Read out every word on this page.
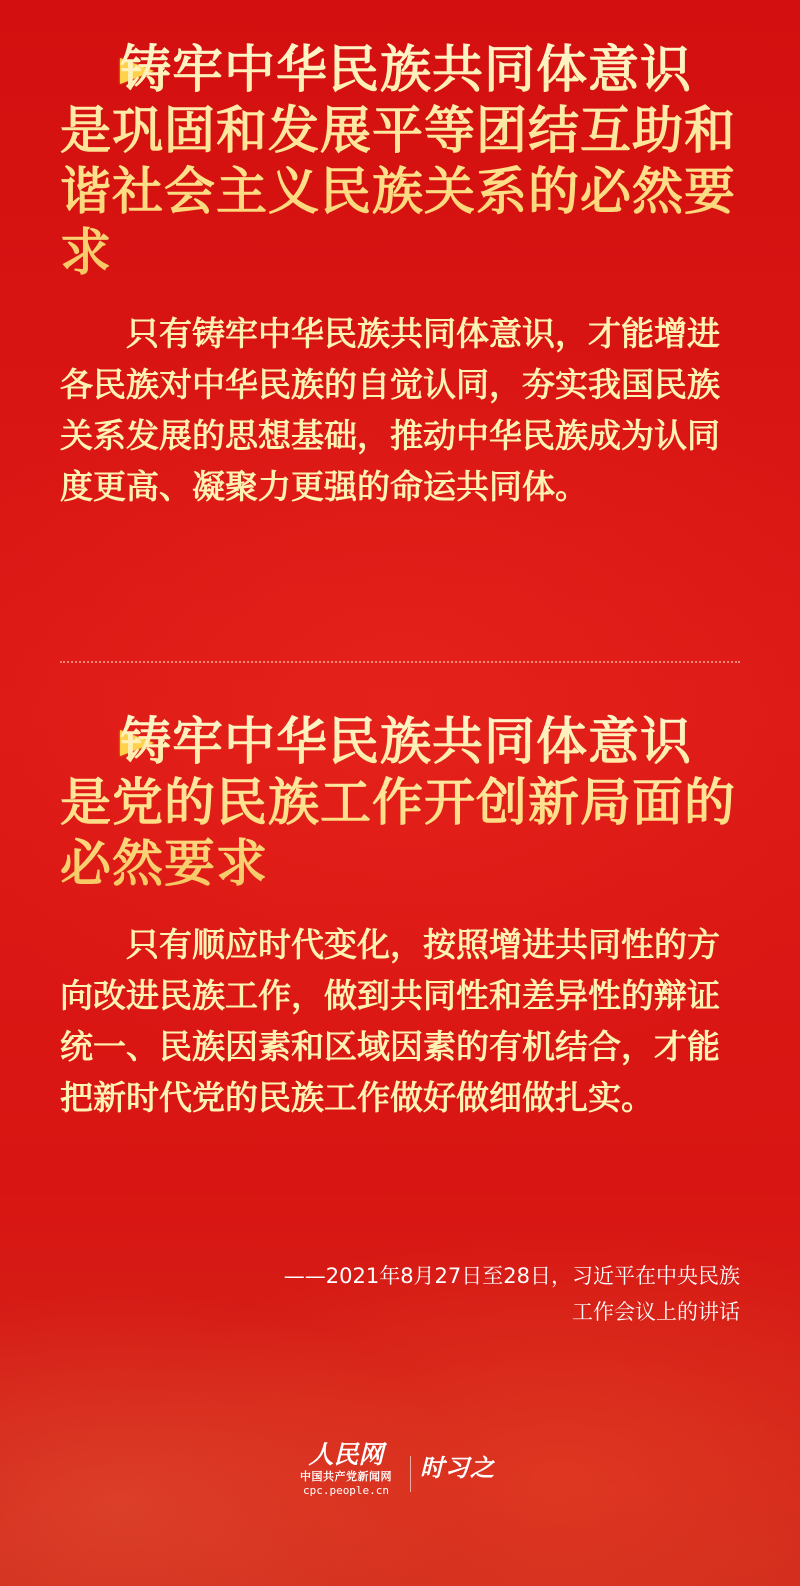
铸牢中华民族共同体意识是巩固和发展平等团结互助和谐社会主义民族关系的必然要求

只有铸牢中华民族共同体意识，才能增进各民族对中华民族的自觉认同，夯实我国民族关系发展的思想基础，推动中华民族成为认同度更高、凝聚力更强的命运共同体。

铸牢中华民族共同体意识是党的民族工作开创新局面的必然要求

只有顺应时代变化，按照增进共同性的方向改进民族工作，做到共同性和差异性的辩证统一、民族因素和区域因素的有机结合，才能把新时代党的民族工作做好做细做扎实。

——2021年8月27日至28日，习近平在中央民族
工作会议上的讲话
人民网
中国共产党新闻网
cpc.people.cn
时习之
